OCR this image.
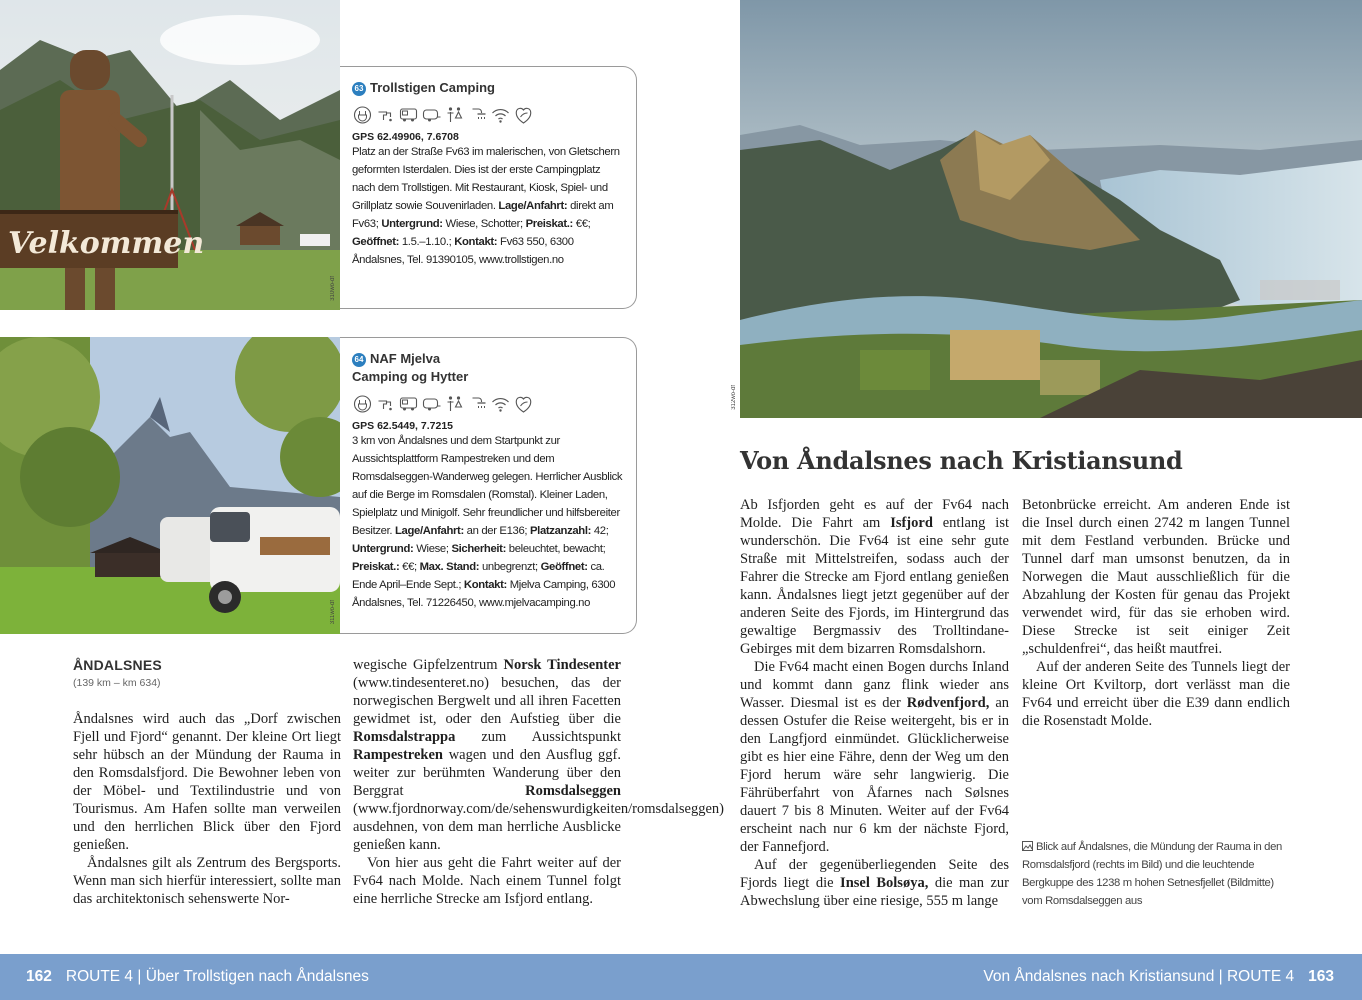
Velkommen
310wo-df
311wo-df
63 Trollstigen Camping
GPS 62.49906, 7.6708
Platz an der Straße Fv63 im malerischen, von Gletschern geformten Isterdalen. Dies ist der erste Campingplatz nach dem Trollstigen. Mit Restaurant, Kiosk, Spiel- und Grillplatz sowie Souvenirladen. Lage/Anfahrt: direkt am Fv63; Untergrund: Wiese, Schotter; Preiskat.: €€; Geöffnet: 1.5.–1.10.; Kontakt: Fv63 550, 6300 Åndalsnes, Tel. 91390105, www.trollstigen.no
64 NAF Mjelva
Camping og Hytter
GPS 62.5449, 7.7215
3 km von Åndalsnes und dem Startpunkt zur Aussichtsplattform Rampestreken und dem Romsdalseggen-Wanderweg gelegen. Herrlicher Ausblick auf die Berge im Romsdalen (Romstal). Kleiner Laden, Spielplatz und Minigolf. Sehr freundlicher und hilfsbereiter Besitzer. Lage/Anfahrt: an der E136; Platzanzahl: 42; Untergrund: Wiese; Sicherheit: beleuchtet, bewacht; Preiskat.: €€; Max. Stand: unbegrenzt; Geöffnet: ca. Ende April–Ende Sept.; Kontakt: Mjelva Camping, 6300 Åndalsnes, Tel. 71226450, www.mjelvacamping.no
ÅNDALSNES
(139 km – km 634)

Åndalsnes wird auch das „Dorf zwischen Fjell und Fjord“ genannt. Der kleine Ort liegt sehr hübsch an der Mündung der Rauma in den Romsdalsfjord. Die Bewohner leben von der Möbel- und Textilindustrie und von Tourismus. Am Hafen sollte man verweilen und den herrlichen Blick über den Fjord genießen.

Åndalsnes gilt als Zentrum des Bergsports. Wenn man sich hierfür interessiert, sollte man das architektonisch sehenswerte Nor-

wegische Gipfelzentrum Norsk Tindesenter (www.tindesenteret.no) besuchen, das der norwegischen Bergwelt und all ihren Facetten gewidmet ist, oder den Aufstieg über die Romsdalstrappa zum Aussichtspunkt Rampestreken wagen und den Ausflug ggf. weiter zur berühmten Wanderung über den Berggrat	Romsdalseggen (www.fjordnorway.com/de/sehenswurdigkeiten/romsdalseggen) ausdehnen, von dem man herrliche Ausblicke genießen kann.

Von hier aus geht die Fahrt weiter auf der Fv64 nach Molde. Nach einem Tunnel folgt eine herrliche Strecke am Isfjord entlang.

312wo-df
Von Åndalsnes nach Kristiansund

Ab Isfjorden geht es auf der Fv64 nach Molde. Die Fahrt am Isfjord entlang ist wunderschön. Die Fv64 ist eine sehr gute Straße mit Mittelstreifen, sodass auch der Fahrer die Strecke am Fjord entlang genießen kann. Åndalsnes liegt jetzt gegenüber auf der anderen Seite des Fjords, im Hintergrund das gewaltige Bergmassiv des Trolltindane-Gebirges mit dem bizarren Romsdalshorn.

Die Fv64 macht einen Bogen durchs Inland und kommt dann ganz flink wieder ans Wasser. Diesmal ist es der Rødvenfjord, an dessen Ostufer die Reise weitergeht, bis er in den Langfjord einmündet. Glücklicherweise gibt es hier eine Fähre, denn der Weg um den Fjord herum wäre sehr langwierig. Die Fährüberfahrt von Åfarnes nach Sølsnes dauert 7 bis 8 Minuten. Weiter auf der Fv64 erscheint nach nur 6 km der nächste Fjord, der Fannefjord.

Auf der gegenüberliegenden Seite des Fjords liegt die Insel Bolsøya, die man zur Abwechslung über eine riesige, 555 m lange

Betonbrücke erreicht. Am anderen Ende ist die Insel durch einen 2742 m langen Tunnel mit dem Festland verbunden. Brücke und Tunnel darf man umsonst benutzen, da in Norwegen die Maut ausschließlich für die Abzahlung der Kosten für genau das Projekt verwendet wird, für das sie erhoben wird. Diese Strecke ist seit einiger Zeit „schuldenfrei“, das heißt mautfrei.

Auf der anderen Seite des Tunnels liegt der kleine Ort Kviltorp, dort verlässt man die Fv64 und erreicht über die E39 dann endlich die Rosenstadt Molde.

Blick auf Åndalsnes, die Mündung der Rauma in den Romsdalsfjord (rechts im Bild) und die leuchtende Bergkuppe des 1238 m hohen Setnesfjellet (Bildmitte) vom Romsdalseggen aus
162 ROUTE 4 | Über Trollstigen nach Åndalsnes	Von Åndalsnes nach Kristiansund | ROUTE 4 163
